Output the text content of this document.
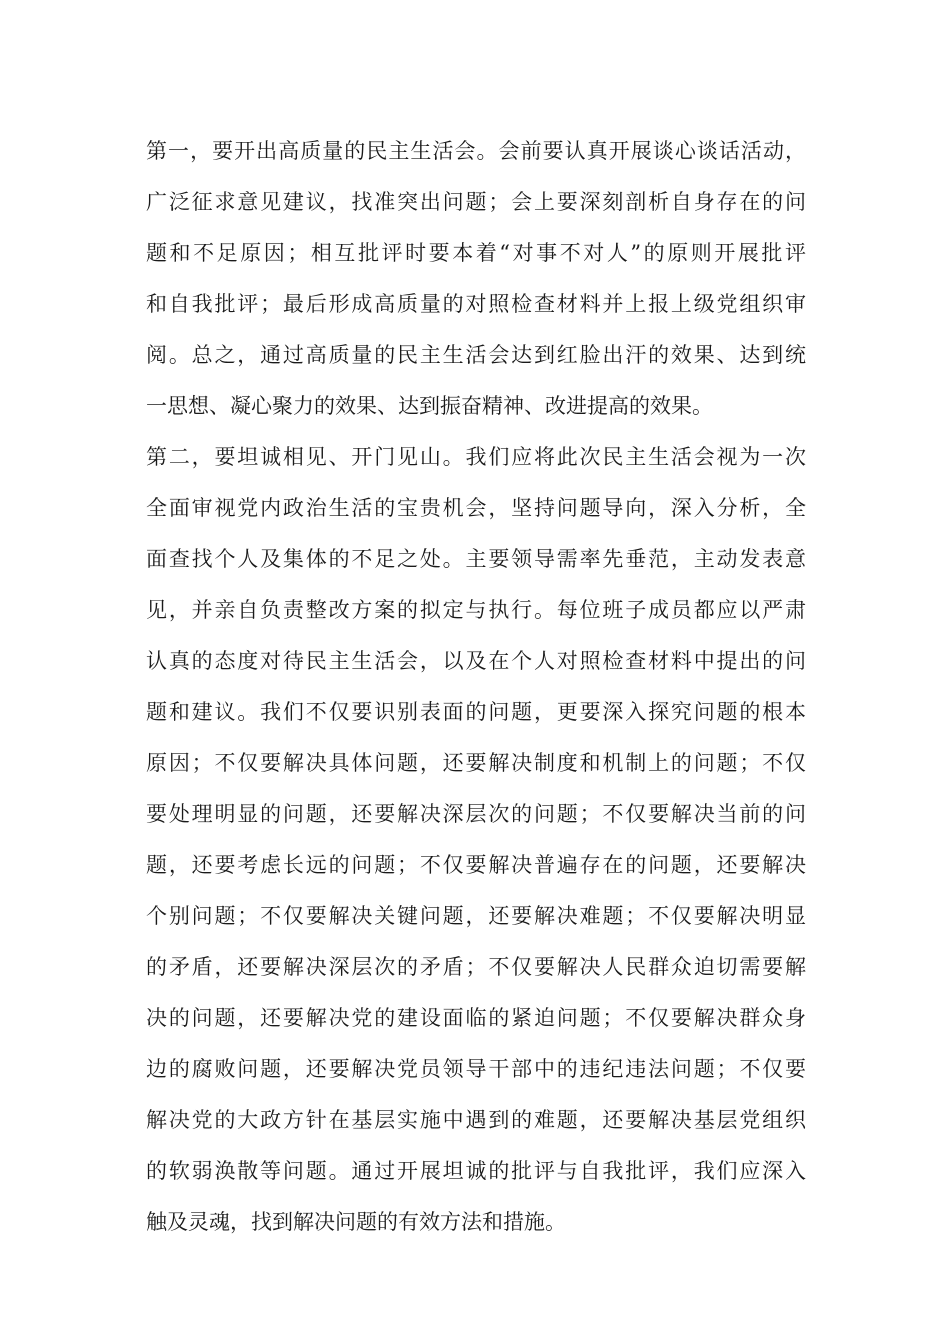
第一，要开出高质量的民主生活会。会前要认真开展谈心谈话活动，
广泛征求意见建议，找准突出问题；会上要深刻剖析自身存在的问
题和不足原因；相互批评时要本着“对事不对人”的原则开展批评
和自我批评；最后形成高质量的对照检查材料并上报上级党组织审
阅。总之，通过高质量的民主生活会达到红脸出汗的效果、达到统
一思想、凝心聚力的效果、达到振奋精神、改进提高的效果。
第二，要坦诚相见、开门见山。我们应将此次民主生活会视为一次
全面审视党内政治生活的宝贵机会，坚持问题导向，深入分析，全
面查找个人及集体的不足之处。主要领导需率先垂范，主动发表意
见，并亲自负责整改方案的拟定与执行。每位班子成员都应以严肃
认真的态度对待民主生活会，以及在个人对照检查材料中提出的问
题和建议。我们不仅要识别表面的问题，更要深入探究问题的根本
原因；不仅要解决具体问题，还要解决制度和机制上的问题；不仅
要处理明显的问题，还要解决深层次的问题；不仅要解决当前的问
题，还要考虑长远的问题；不仅要解决普遍存在的问题，还要解决
个别问题；不仅要解决关键问题，还要解决难题；不仅要解决明显
的矛盾，还要解决深层次的矛盾；不仅要解决人民群众迫切需要解
决的问题，还要解决党的建设面临的紧迫问题；不仅要解决群众身
边的腐败问题，还要解决党员领导干部中的违纪违法问题；不仅要
解决党的大政方针在基层实施中遇到的难题，还要解决基层党组织
的软弱涣散等问题。通过开展坦诚的批评与自我批评，我们应深入
触及灵魂，找到解决问题的有效方法和措施。
